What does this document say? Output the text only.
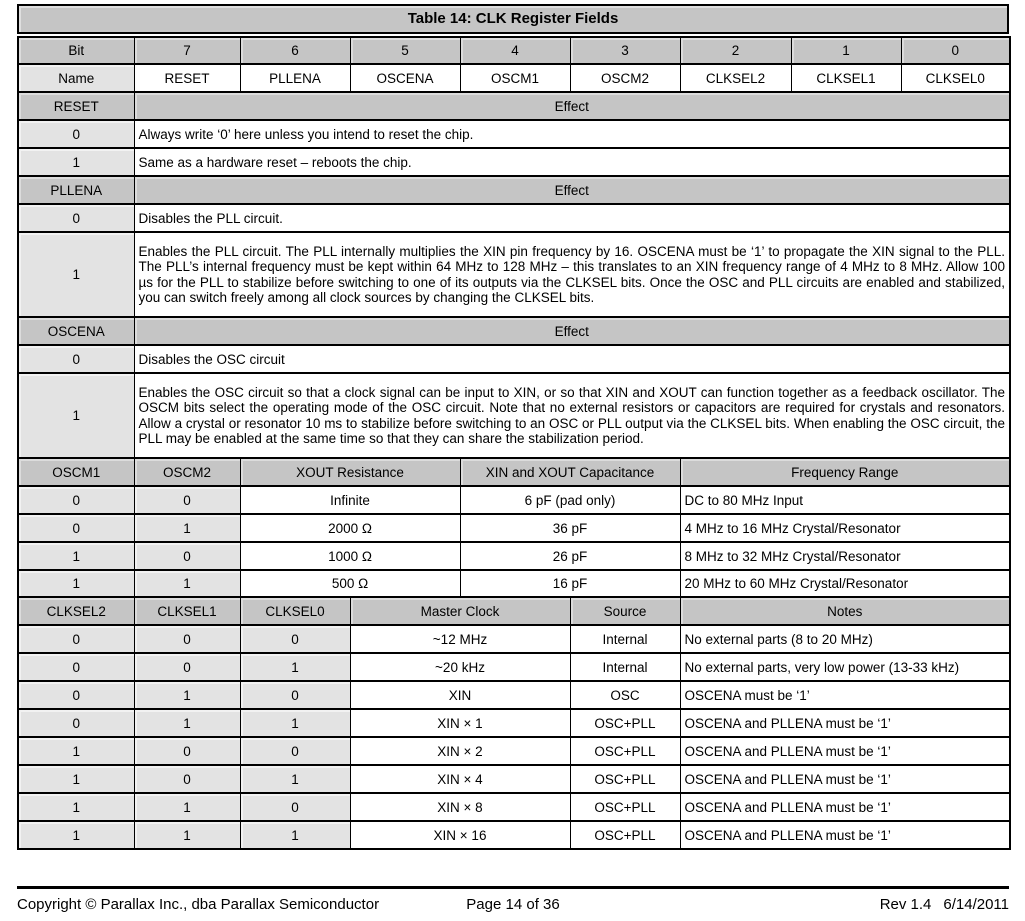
Table 14: CLK Register Fields
Bit	7	6	5	4	3	2	1	0
Name	RESET	PLLENA	OSCENA	OSCM1	OSCM2	CLKSEL2	CLKSEL1	CLKSEL0
RESET	Effect							
0	Always write ‘0’ here unless you intend to reset the chip.							
1	Same as a hardware reset – reboots the chip.							
PLLENA	Effect							
0	Disables the PLL circuit.							
1	Enables the PLL circuit. The PLL internally multiplies the XIN pin frequency by 16. OSCENA must be ‘1’ to propagate the XIN signal to the PLL. The PLL’s internal frequency must be kept within 64 MHz to 128 MHz – this translates to an XIN frequency range of 4 MHz to 8 MHz. Allow 100 µs for the PLL to stabilize before switching to one of its outputs via the CLKSEL bits. Once the OSC and PLL circuits are enabled and stabilized, you can switch freely among all clock sources by changing the CLKSEL bits.							
OSCENA	Effect							
0	Disables the OSC circuit							
1	Enables the OSC circuit so that a clock signal can be input to XIN, or so that XIN and XOUT can function together as a feedback oscillator. The OSCM bits select the operating mode of the OSC circuit. Note that no external resistors or capacitors are required for crystals and resonators. Allow a crystal or resonator 10 ms to stabilize before switching to an OSC or PLL output via the CLKSEL bits. When enabling the OSC circuit, the PLL may be enabled at the same time so that they can share the stabilization period.							
OSCM1	OSCM2	XOUT Resistance		XIN and XOUT Capacitance		Frequency Range		
0	0	Infinite		6 pF (pad only)		DC to 80 MHz Input		
0	1	2000 Ω		36 pF		4 MHz to 16 MHz Crystal/Resonator		
1	0	1000 Ω		26 pF		8 MHz to 32 MHz Crystal/Resonator		
1	1	500 Ω		16 pF		20 MHz to 60 MHz Crystal/Resonator		
CLKSEL2	CLKSEL1	CLKSEL0	Master Clock		Source	Notes		
0	0	0	~12 MHz		Internal	No external parts (8 to 20 MHz)		
0	0	1	~20 kHz		Internal	No external parts, very low power (13-33 kHz)		
0	1	0	XIN		OSC	OSCENA must be ‘1’		
0	1	1	XIN × 1		OSC+PLL	OSCENA and PLLENA must be ‘1’		
1	0	0	XIN × 2		OSC+PLL	OSCENA and PLLENA must be ‘1’		
1	0	1	XIN × 4		OSC+PLL	OSCENA and PLLENA must be ‘1’		
1	1	0	XIN × 8		OSC+PLL	OSCENA and PLLENA must be ‘1’		
1	1	1	XIN × 16		OSC+PLL	OSCENA and PLLENA must be ‘1’		
Copyright © Parallax Inc., dba Parallax Semiconductor	Page 14 of 36	Rev 1.4 6/14/2011
